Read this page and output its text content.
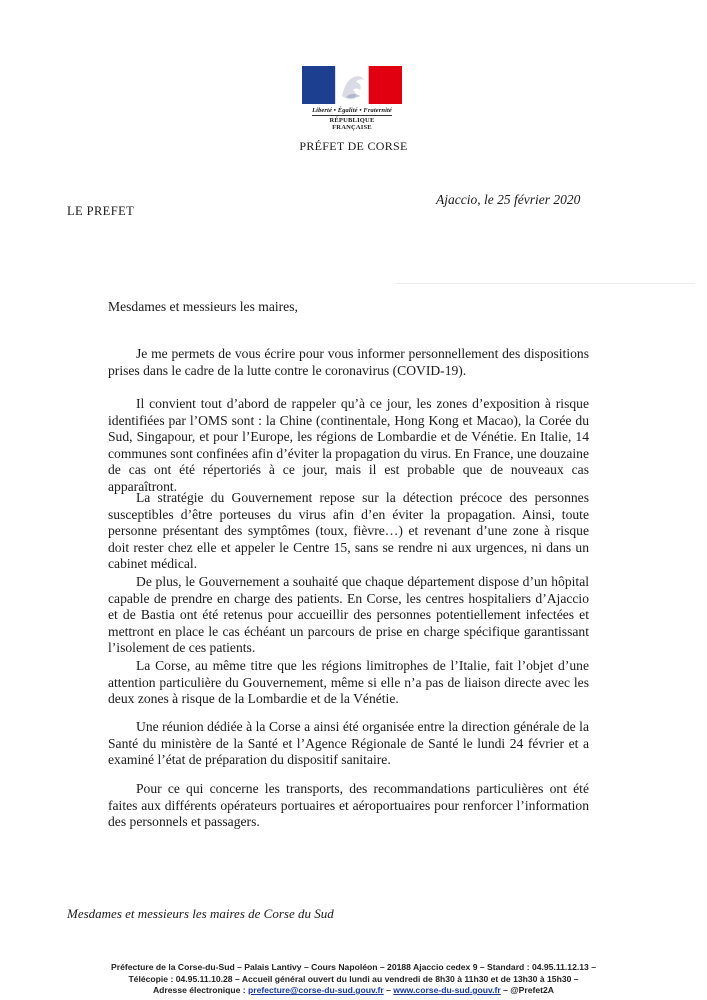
Liberté • Égalité • Fraternité
RÉPUBLIQUE FRANÇAISE
PRÉFET DE CORSE
Ajaccio, le 25 février 2020
LE PREFET
Mesdames et messieurs les maires,
Je me permets de vous écrire pour vous informer personnellement des dispositions prises dans le cadre de la lutte contre le coronavirus (COVID-19).
Il convient tout d’abord de rappeler qu’à ce jour, les zones d’exposition à risque identifiées par l’OMS sont : la Chine (continentale, Hong Kong et Macao), la Corée du Sud, Singapour, et pour l’Europe, les régions de Lombardie et de Vénétie. En Italie, 14 communes sont confinées afin d’éviter la propagation du virus. En France, une douzaine de cas ont été répertoriés à ce jour, mais il est probable que de nouveaux cas apparaîtront.
La stratégie du Gouvernement repose sur la détection précoce des personnes susceptibles d’être porteuses du virus afin d’en éviter la propagation. Ainsi, toute personne présentant des symptômes (toux, fièvre…) et revenant d’une zone à risque doit rester chez elle et appeler le Centre 15, sans se rendre ni aux urgences, ni dans un cabinet médical.
De plus, le Gouvernement a souhaité que chaque département dispose d’un hôpital capable de prendre en charge des patients. En Corse, les centres hospitaliers d’Ajaccio et de Bastia ont été retenus pour accueillir des personnes potentiellement infectées et mettront en place le cas échéant un parcours de prise en charge spécifique garantissant l’isolement de ces patients.
La Corse, au même titre que les régions limitrophes de l’Italie, fait l’objet d’une attention particulière du Gouvernement, même si elle n’a pas de liaison directe avec les deux zones à risque de la Lombardie et de la Vénétie.
Une réunion dédiée à la Corse a ainsi été organisée entre la direction générale de la Santé du ministère de la Santé et l’Agence Régionale de Santé le lundi 24 février et a examiné l’état de préparation du dispositif sanitaire.
Pour ce qui concerne les transports, des recommandations particulières ont été faites aux différents opérateurs portuaires et aéroportuaires pour renforcer l’information des personnels et passagers.
Mesdames et messieurs les maires de Corse du Sud
Préfecture de la Corse-du-Sud – Palais Lantivy – Cours Napoléon – 20188 Ajaccio cedex 9 – Standard : 04.95.11.12.13 –
Télécopie : 04.95.11.10.28 – Accueil général ouvert du lundi au vendredi de 8h30 à 11h30 et de 13h30 à 15h30 –
Adresse électronique : prefecture@corse-du-sud.gouv.fr – www.corse-du-sud.gouv.fr – @Prefet2A
